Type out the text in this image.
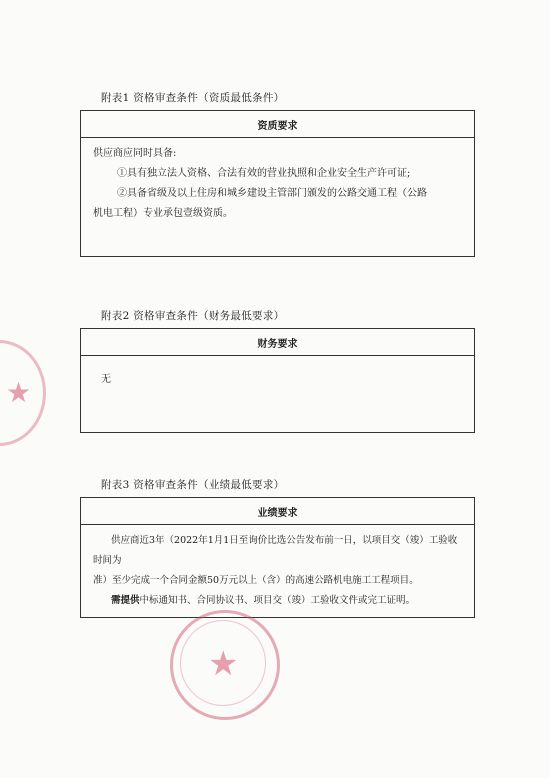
附表1 资格审查条件（资质最低条件）
资质要求

供应商应同时具备:

①具有独立法人资格、合法有效的营业执照和企业安全生产许可证;

②具备省级及以上住房和城乡建设主管部门颁发的公路交通工程（公路

机电工程）专业承包壹级资质。

附表2 资格审查条件（财务最低要求）
财务要求
无
附表3 资格审查条件（业绩最低要求）
业绩要求

供应商近3年（2022年1月1日至询价比选公告发布前一日，以项目交（竣）工验收时间为

准）至少完成一个合同金额50万元以上（含）的高速公路机电施工工程项目。

需提供中标通知书、合同协议书、项目交（竣）工验收文件或完工证明。

★
★
